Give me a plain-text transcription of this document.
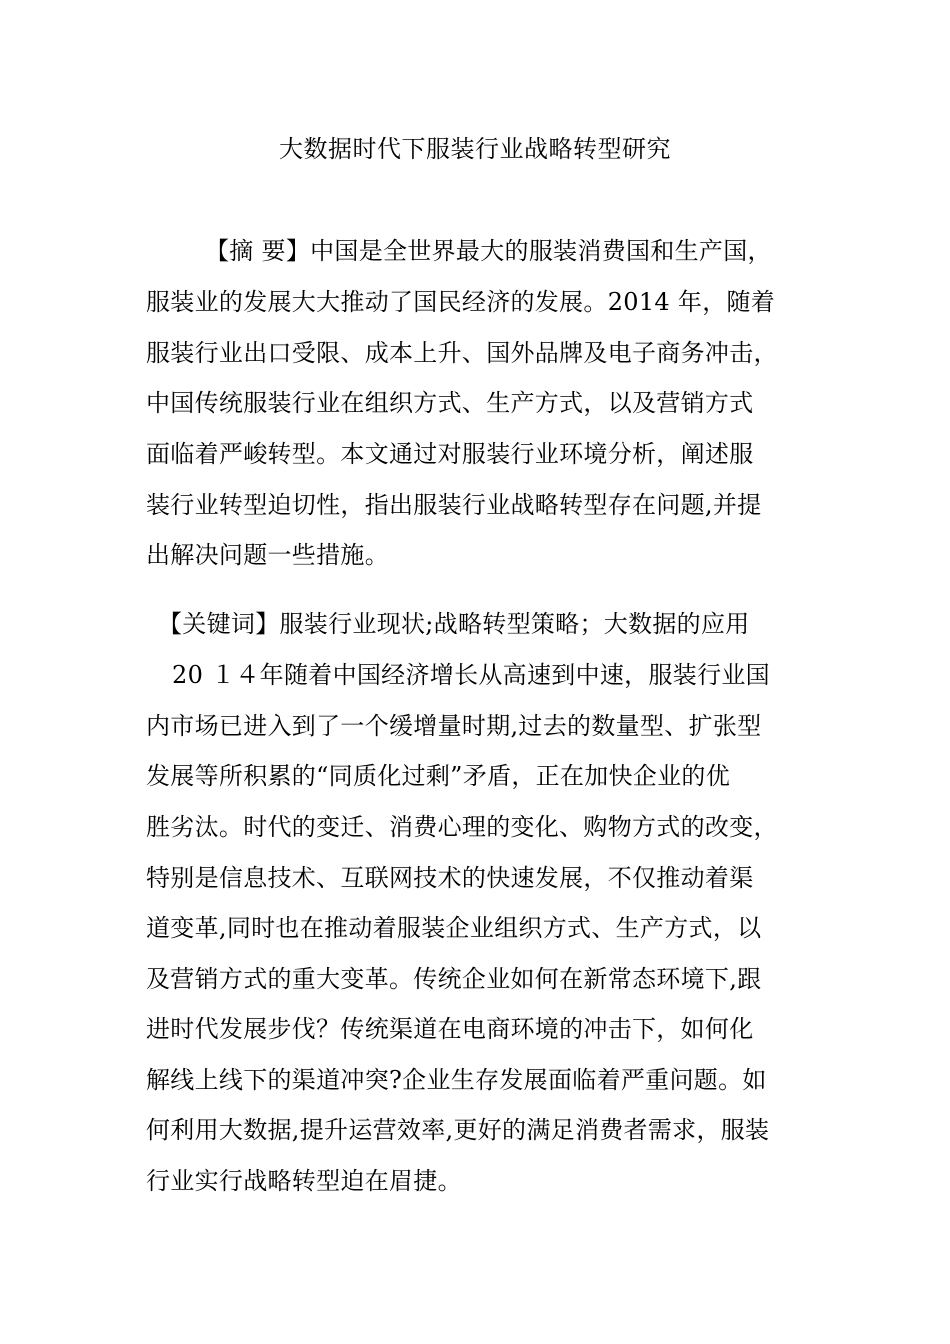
大数据时代下服装行业战略转型研究
【摘 要】中国是全世界最大的服装消费国和生产国，
服装业的发展大大推动了国民经济的发展。2014 年，随着
服装行业出口受限、成本上升、国外品牌及电子商务冲击，
中国传统服装行业在组织方式、生产方式，以及营销方式
面临着严峻转型。本文通过对服装行业环境分析，阐述服
装行业转型迫切性，指出服装行业战略转型存在问题,并提
出解决问题一些措施。
【关键词】服装行业现状;战略转型策略；大数据的应用
20 １４年随着中国经济增长从高速到中速，服装行业国
内市场已进入到了一个缓增量时期,过去的数量型、扩张型
发展等所积累的“同质化过剩”矛盾，正在加快企业的优
胜劣汰。时代的变迁、消费心理的变化、购物方式的改变，
特别是信息技术、互联网技术的快速发展，不仅推动着渠
道变革,同时也在推动着服装企业组织方式、生产方式，以
及营销方式的重大变革。传统企业如何在新常态环境下,跟
进时代发展步伐？传统渠道在电商环境的冲击下，如何化
解线上线下的渠道冲突?企业生存发展面临着严重问题。如
何利用大数据,提升运营效率,更好的满足消费者需求，服装
行业实行战略转型迫在眉捷。
